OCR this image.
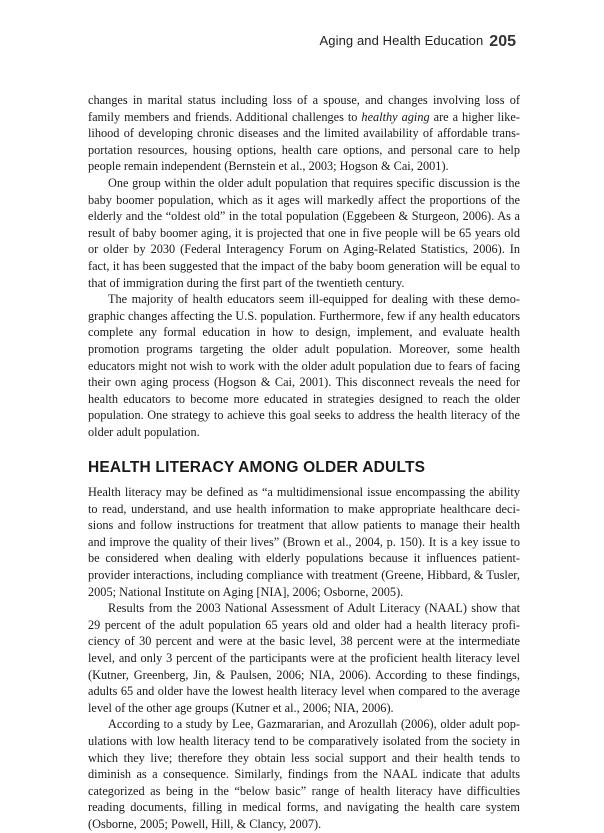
Aging and Health Education 205

changes in marital status including loss of a spouse, and changes involving loss of family members and friends. Additional challenges to healthy aging are a higher likelihood of developing chronic diseases and the limited availability of affordable transportation resources, housing options, health care options, and personal care to help people remain independent (Bernstein et al., 2003; Hogson & Cai, 2001).

One group within the older adult population that requires specific discussion is the baby boomer population, which as it ages will markedly affect the proportions of the elderly and the “oldest old” in the total population (Eggebeen & Sturgeon, 2006). As a result of baby boomer aging, it is projected that one in five people will be 65 years old or older by 2030 (Federal Interagency Forum on Aging-Related Statistics, 2006). In fact, it has been suggested that the impact of the baby boom generation will be equal to that of immigration during the first part of the twentieth century.

The majority of health educators seem ill-equipped for dealing with these demographic changes affecting the U.S. population. Furthermore, few if any health educators complete any formal education in how to design, implement, and evaluate health promotion programs targeting the older adult population. Moreover, some health educators might not wish to work with the older adult population due to fears of facing their own aging process (Hogson & Cai, 2001). This disconnect reveals the need for health educators to become more educated in strategies designed to reach the older population. One strategy to achieve this goal seeks to address the health literacy of the older adult population.

HEALTH LITERACY AMONG OLDER ADULTS

Health literacy may be defined as “a multidimensional issue encompassing the ability to read, understand, and use health information to make appropriate healthcare decisions and follow instructions for treatment that allow patients to manage their health and improve the quality of their lives” (Brown et al., 2004, p. 150). It is a key issue to be considered when dealing with elderly populations because it influences patient-provider interactions, including compliance with treatment (Greene, Hibbard, & Tusler, 2005; National Institute on Aging [NIA], 2006; Osborne, 2005).

Results from the 2003 National Assessment of Adult Literacy (NAAL) show that 29 percent of the adult population 65 years old and older had a health literacy proficiency of 30 percent and were at the basic level, 38 percent were at the intermediate level, and only 3 percent of the participants were at the proficient health literacy level (Kutner, Greenberg, Jin, & Paulsen, 2006; NIA, 2006). According to these findings, adults 65 and older have the lowest health literacy level when compared to the average level of the other age groups (Kutner et al., 2006; NIA, 2006).

According to a study by Lee, Gazmararian, and Arozullah (2006), older adult populations with low health literacy tend to be comparatively isolated from the society in which they live; therefore they obtain less social support and their health tends to diminish as a consequence. Similarly, findings from the NAAL indicate that adults categorized as being in the “below basic” range of health literacy have difficulties reading documents, filling in medical forms, and navigating the health care system (Osborne, 2005; Powell, Hill, & Clancy, 2007).
